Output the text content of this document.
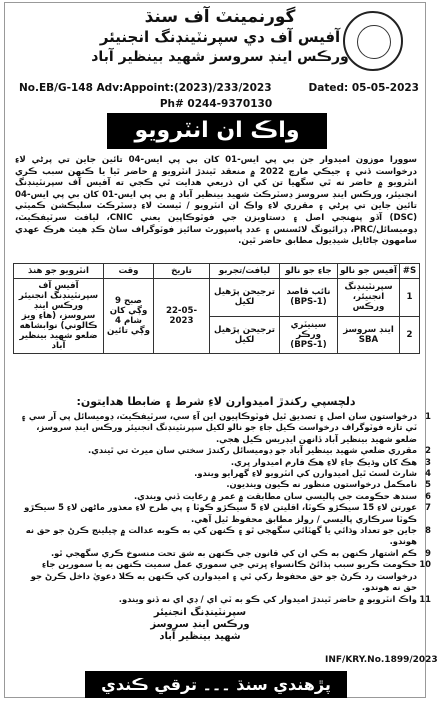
گورنمينٽ آف سنڌ
آفيس آف دي سپرنٽينڊنگ انجنيئر
ورڪس اينڊ سروسز شهيد بينظير آباد
No.EB/G-148 Adv:Appoint:(2023)/233/2023	Dated: 05-05-2023
Ph# 0244-9370130
واڪ ان انٽرويو
سوورا موزون اميدوار جن بي پي ايس-01 کان بي پي ايس-04 تائين جاين تي پرڻي لاءِ درخواست ڏني ۽ جيڪي مارچ 2022 ۾ منعقد ٿيندڙ انٽرويو ۾ حاضر ٿيا يا ڪنهن سبب ڪري انٽرويو ۾ حاضر نه ٿي سگهيا تن کي ان ذريعي هدايت ٿي ڪجي ته آفيس آف سپرنٽينڊنگ انجنيئر، ورڪس اينڊ سروسز ڊسٽرڪٽ شهيد بينظير آباد ۾ بي پي ايس-01 کان بي پي ايس-04 تائين جاين تي پرڻي ۽ مقرري لاءِ واڪ ان انٽرويو / ٽيسٽ لاءِ ڊسٽرڪٽ سليڪشن ڪميٽي (DSC) آڏو پنهنجي اصل ۽ دستاويزن جي فوٽوڪاپين يعني CNIC، ليافت سرٽيفڪيٽ، ڊوميسائل/PRC، ڊرائيونگ لائسنس ۽ عدد پاسپورٽ سائيز فوٽوگراف ساڻ ڪڍ هيٺ هرڪ عهدي سامهون ڄاڻايل شيڊيول مطابق حاضر ٿين.
S#	آفيس جو نالو	جاءِ جو نالو	ليافت/تجربو	تاريخ	وقت	انٽرويو جو هنڌ
1	سپرنٽينڊنگ انجنيئر، ورڪس	نائب قاصد (BPS-1)	ترجيحن پڙهيل لکيل	22-05-2023	صبح 9 وڳي کان شام 4 وڳي تائين	آفيس آف سپرنٽينڊنگ انجنيئر ورڪس اينڊ سروسز، (هاءِ ويز ڪالوني) نوابشاهه ضلعو شهيد بينظير آباد
2	اينڊ سروسز SBA	سينيٽري ورڪر (BPS-1)	ترجيحن پڙهيل لکيل			
دلچسپي رکندڙ اميدوارن لاءِ شرط ۽ ضابطا هدايتون:
1
درخواستون سان اصل ۽ تصديق ٿيل فوٽوڪاپيون اين آءِ سي، سرٽيفڪيٽ، ڊوميسائل پي آر سي ۽ ٽي تازه فوٽوگراف درخواست ڪيل جاءِ جو نالو لکيل سپرنٽينڊنگ انجنيئر ورڪس اينڊ سروسز، ضلعو شهيد بينظير آباد ڏانهن ايڊريس ڪيل هجي.
2
مقرري ضلعي شهيد بينظير آباد جو ڊوميسائل رکندڙ سختي سان ميرٽ تي ٿيندي.
3
هڪ کان وڌيڪ جاءِ لاءِ هڪ فارم اميدوار ڀري.
4
شارٽ لسٽ ٿيل اميدوارن کي انٽرويو لاءِ گهرايو ويندو.
5
نامڪمل درخواستون منظور نه ڪيون وينديون.
6
سندھ حڪومت جي پاليسي سان مطابقت ۾ عمر ۾ رعايت ڏني ويندي.
7
عورتن لاءِ 15 سيڪڙو ڪوٽا، اقليتن لاءِ 5 سيڪڙو ڪوٽا ۽ پي طرح لاءِ معذور ماڻهن لاءِ 5 سيڪڙو ڪوٽا سرڪاري پاليسي / رولز مطابق محفوظ ٿيل آهي.
8
جاين جو تعداد وڌائي يا گهٽائي سگهجي ٿو ۽ ڪنهن کي به ڪوبه عدالت ۾ چيلينج ڪرڻ جو حق نه هوندو.
9
ڪم اشتهار ڪنهن به ڪي ان کي قانون جي ڪنهن به شق تحت منسوخ ڪري سگهجي ٿو.
10
حڪومت ڪريو سبب ٻڌائڻ ڪانسواءِ ڀرتي جي سموري عمل سميت ڪنهن به يا سمورين جاءِ درخواست رد ڪرڻ جو حق محفوظ رکي ٿي ۽ اميدوارن کي ڪنهن به ڪلا دعويٰ داخل ڪرڻ جو حق نه هوندو.
11
واڪ انٽرويو ۾ حاضر ٿيندڙ اميدوار کي ڪو به ٽي اي / ڊي اي نه ڏنو ويندو.
سپرنٽينڊنگ انجنيئر
ورڪس اينڊ سروسز
شهيد بينظير آباد
INF/KRY.No.1899/2023
پڙهندي سنڌ ۔۔۔ ترقي ڪندي سنڌ
